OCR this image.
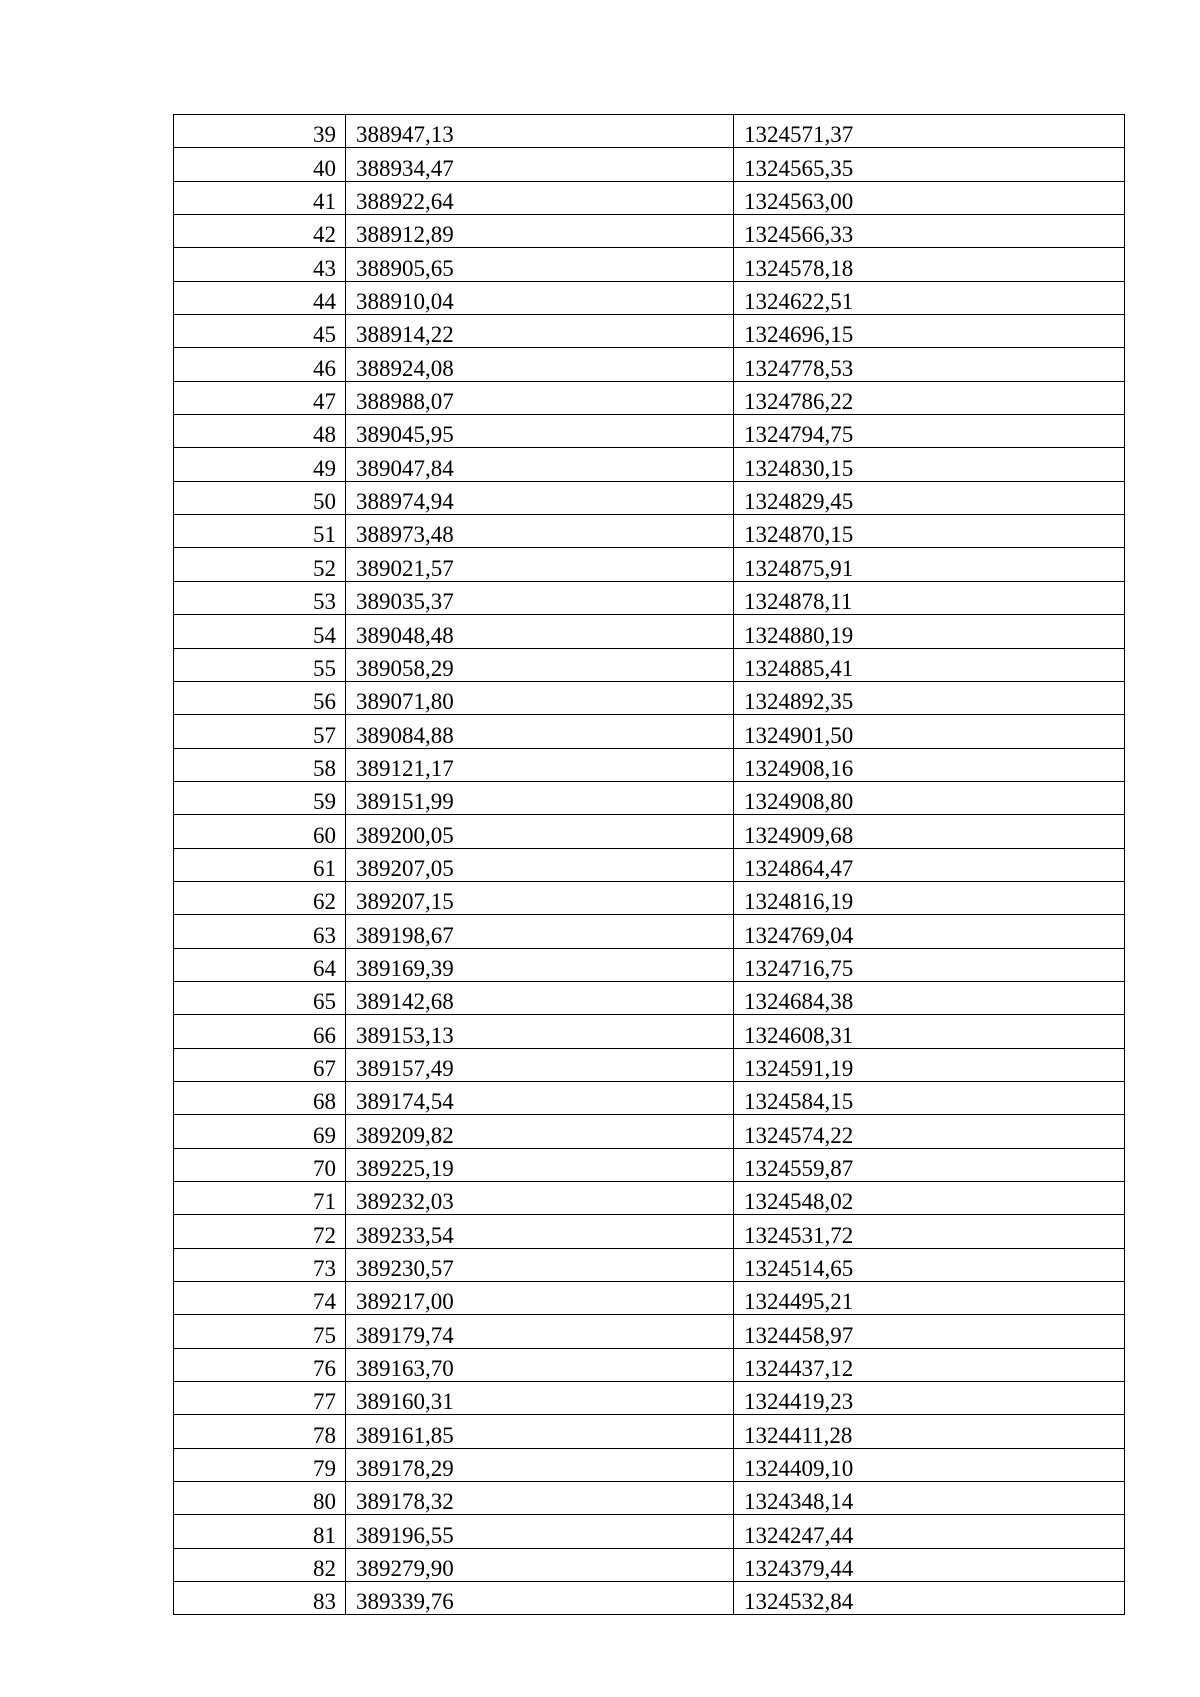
39	388947,13	1324571,37
40	388934,47	1324565,35
41	388922,64	1324563,00
42	388912,89	1324566,33
43	388905,65	1324578,18
44	388910,04	1324622,51
45	388914,22	1324696,15
46	388924,08	1324778,53
47	388988,07	1324786,22
48	389045,95	1324794,75
49	389047,84	1324830,15
50	388974,94	1324829,45
51	388973,48	1324870,15
52	389021,57	1324875,91
53	389035,37	1324878,11
54	389048,48	1324880,19
55	389058,29	1324885,41
56	389071,80	1324892,35
57	389084,88	1324901,50
58	389121,17	1324908,16
59	389151,99	1324908,80
60	389200,05	1324909,68
61	389207,05	1324864,47
62	389207,15	1324816,19
63	389198,67	1324769,04
64	389169,39	1324716,75
65	389142,68	1324684,38
66	389153,13	1324608,31
67	389157,49	1324591,19
68	389174,54	1324584,15
69	389209,82	1324574,22
70	389225,19	1324559,87
71	389232,03	1324548,02
72	389233,54	1324531,72
73	389230,57	1324514,65
74	389217,00	1324495,21
75	389179,74	1324458,97
76	389163,70	1324437,12
77	389160,31	1324419,23
78	389161,85	1324411,28
79	389178,29	1324409,10
80	389178,32	1324348,14
81	389196,55	1324247,44
82	389279,90	1324379,44
83	389339,76	1324532,84
